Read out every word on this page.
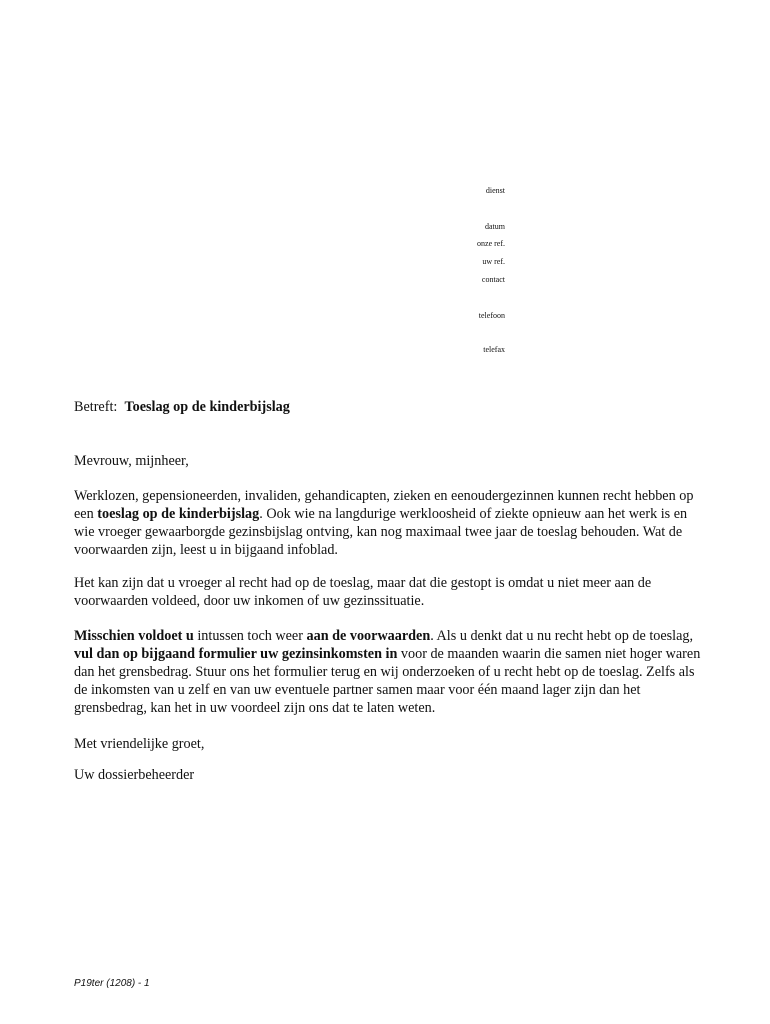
dienst
datum
onze ref.
uw ref.
contact
telefoon
telefax
Betreft: Toeslag op de kinderbijslag
Mevrouw, mijnheer,
Werklozen, gepensioneerden, invaliden, gehandicapten, zieken en eenoudergezinnen kunnen recht hebben op een toeslag op de kinderbijslag. Ook wie na langdurige werkloosheid of ziekte opnieuw aan het werk is en wie vroeger gewaarborgde gezinsbijslag ontving, kan nog maximaal twee jaar de toeslag behouden. Wat de voorwaarden zijn, leest u in bijgaand infoblad.
Het kan zijn dat u vroeger al recht had op de toeslag, maar dat die gestopt is omdat u niet meer aan de voorwaarden voldeed, door uw inkomen of uw gezinssituatie.
Misschien voldoet u intussen toch weer aan de voorwaarden. Als u denkt dat u nu recht hebt op de toeslag, vul dan op bijgaand formulier uw gezinsinkomsten in voor de maanden waarin die samen niet hoger waren dan het grensbedrag. Stuur ons het formulier terug en wij onderzoeken of u recht hebt op de toeslag. Zelfs als de inkomsten van u zelf en van uw eventuele partner samen maar voor één maand lager zijn dan het grensbedrag, kan het in uw voordeel zijn ons dat te laten weten.
Met vriendelijke groet,
Uw dossierbeheerder
P19ter (1208) - 1
